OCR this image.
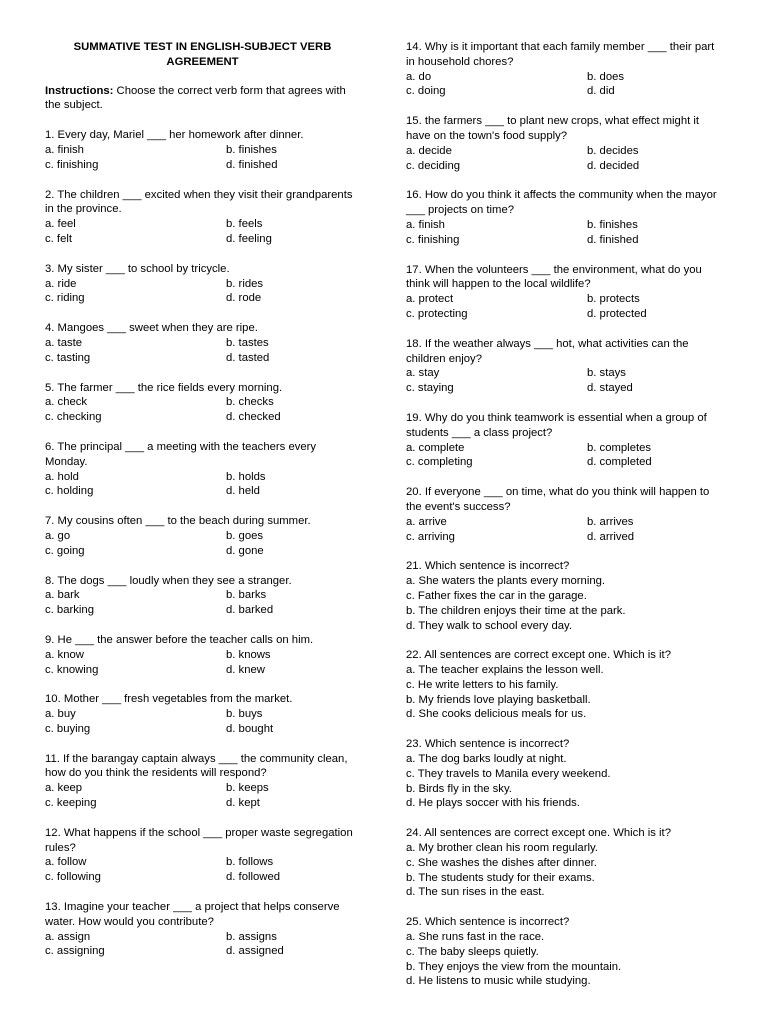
SUMMATIVE TEST IN ENGLISH-SUBJECT VERB
AGREEMENT
Instructions: Choose the correct verb form that agrees with the subject.
1. Every day, Mariel ___ her homework after dinner.
a. finish	b. finishes
c. finishing	d. finished
2. The children ___ excited when they visit their grandparents in the province.
a. feel	b. feels
c. felt	d. feeling
3. My sister ___ to school by tricycle.
a. ride	b. rides
c. riding	d. rode
4. Mangoes ___ sweet when they are ripe.
a. taste	b. tastes
c. tasting	d. tasted
5. The farmer ___ the rice fields every morning.
a. check	b. checks
c. checking	d. checked
6. The principal ___ a meeting with the teachers every Monday.
a. hold	b. holds
c. holding	d. held
7. My cousins often ___ to the beach during summer.
a. go	b. goes
c. going	d. gone
8. The dogs ___ loudly when they see a stranger.
a. bark	b. barks
c. barking	d. barked
9. He ___ the answer before the teacher calls on him.
a. know	b. knows
c. knowing	d. knew
10. Mother ___ fresh vegetables from the market.
a. buy	b. buys
c. buying	d. bought
11. If the barangay captain always ___ the community clean, how do you think the residents will respond?
a. keep	b. keeps
c. keeping	d. kept
12. What happens if the school ___ proper waste segregation rules?
a. follow	b. follows
c. following	d. followed
13. Imagine your teacher ___ a project that helps conserve water. How would you contribute?
a. assign	b. assigns
c. assigning	d. assigned
14. Why is it important that each family member ___ their part in household chores?
a. do	b. does
c. doing	d. did
15. the farmers ___ to plant new crops, what effect might it have on the town's food supply?
a. decide	b. decides
c. deciding	d. decided
16. How do you think it affects the community when the mayor ___ projects on time?
a. finish	b. finishes
c. finishing	d. finished
17. When the volunteers ___ the environment, what do you think will happen to the local wildlife?
a. protect	b. protects
c. protecting	d. protected
18. If the weather always ___ hot, what activities can the children enjoy?
a. stay	b. stays
c. staying	d. stayed
19. Why do you think teamwork is essential when a group of students ___ a class project?
a. complete	b. completes
c. completing	d. completed
20. If everyone ___ on time, what do you think will happen to the event's success?
a. arrive	b. arrives
c. arriving	d. arrived
21. Which sentence is incorrect?
a. She waters the plants every morning.
c. Father fixes the car in the garage.
b. The children enjoys their time at the park.
d. They walk to school every day.
22. All sentences are correct except one. Which is it?
a. The teacher explains the lesson well.
c. He write letters to his family.
b. My friends love playing basketball.
d. She cooks delicious meals for us.
23. Which sentence is incorrect?
a. The dog barks loudly at night.
c. They travels to Manila every weekend.
b. Birds fly in the sky.
d. He plays soccer with his friends.
24. All sentences are correct except one. Which is it?
a. My brother clean his room regularly.
c. She washes the dishes after dinner.
b. The students study for their exams.
d. The sun rises in the east.
25. Which sentence is incorrect?
a. She runs fast in the race.
c. The baby sleeps quietly.
b. They enjoys the view from the mountain.
d. He listens to music while studying.
